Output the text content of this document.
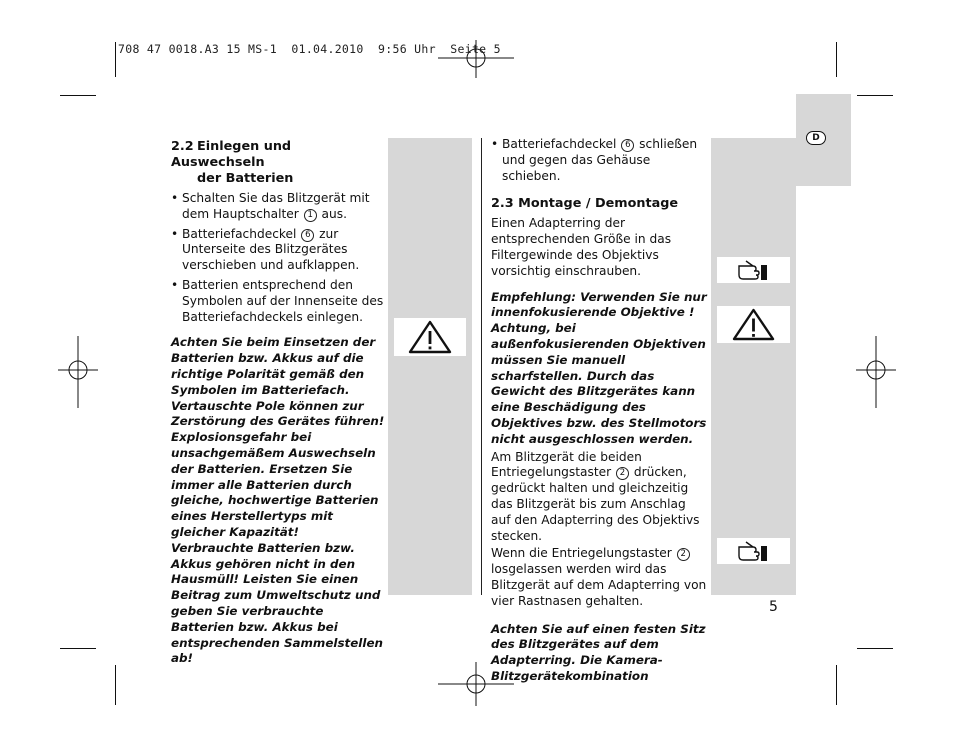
708 47 0018.A3 15 MS-1  01.04.2010  9:56 Uhr  Seite 5
D
2.2 Einlegen und Auswechseln
der Batterien
• Schalten Sie das Blitzgerät mit dem Hauptschalter 1 aus.
• Batteriefachdeckel 6 zur Unterseite des Blitzgerätes verschieben und aufklappen.
• Batterien entsprechend den Symbolen auf der Innenseite des Batteriefachdeckels einlegen.

Achten Sie beim Einsetzen der Batterien bzw. Akkus auf die richtige Polarität gemäß den Symbolen im Batteriefach. Vertauschte Pole können zur Zerstörung des Gerätes führen! Explosionsgefahr bei unsachgemäßem Auswechseln der Batterien. Ersetzen Sie immer alle Batterien durch gleiche, hochwertige Batterien eines Herstellertyps mit gleicher Kapazität! Verbrauchte Batterien bzw. Akkus gehören nicht in den Hausmüll! Leisten Sie einen Beitrag zum Umweltschutz und geben Sie verbrauchte Batterien bzw. Akkus bei entsprechenden Sammelstellen ab!

• Batteriefachdeckel 6 schließen und gegen das Gehäuse schieben.
2.3 Montage / Demontage

Einen Adapterring der entsprechenden Größe in das Filtergewinde des Objektivs vorsichtig einschrauben.

Empfehlung: Verwenden Sie nur innenfokusierende Objektive ! Achtung, bei außenfokusierenden Objektiven müssen Sie manuell scharfstellen. Durch das Gewicht des Blitzgerätes kann eine Beschädigung des Objektives bzw. des Stellmotors nicht ausgeschlossen werden.

Am Blitzgerät die beiden Entriegelungstaster 2 drücken, gedrückt halten und gleichzeitig das Blitzgerät bis zum Anschlag auf den Adapterring des Objektivs stecken.

Wenn die Entriegelungstaster 2 losgelassen werden wird das Blitzgerät auf dem Adapterring von vier Rastnasen gehalten.

Achten Sie auf einen festen Sitz des Blitzgerätes auf dem Adapterring. Die Kamera-Blitzgerätekombination

5
